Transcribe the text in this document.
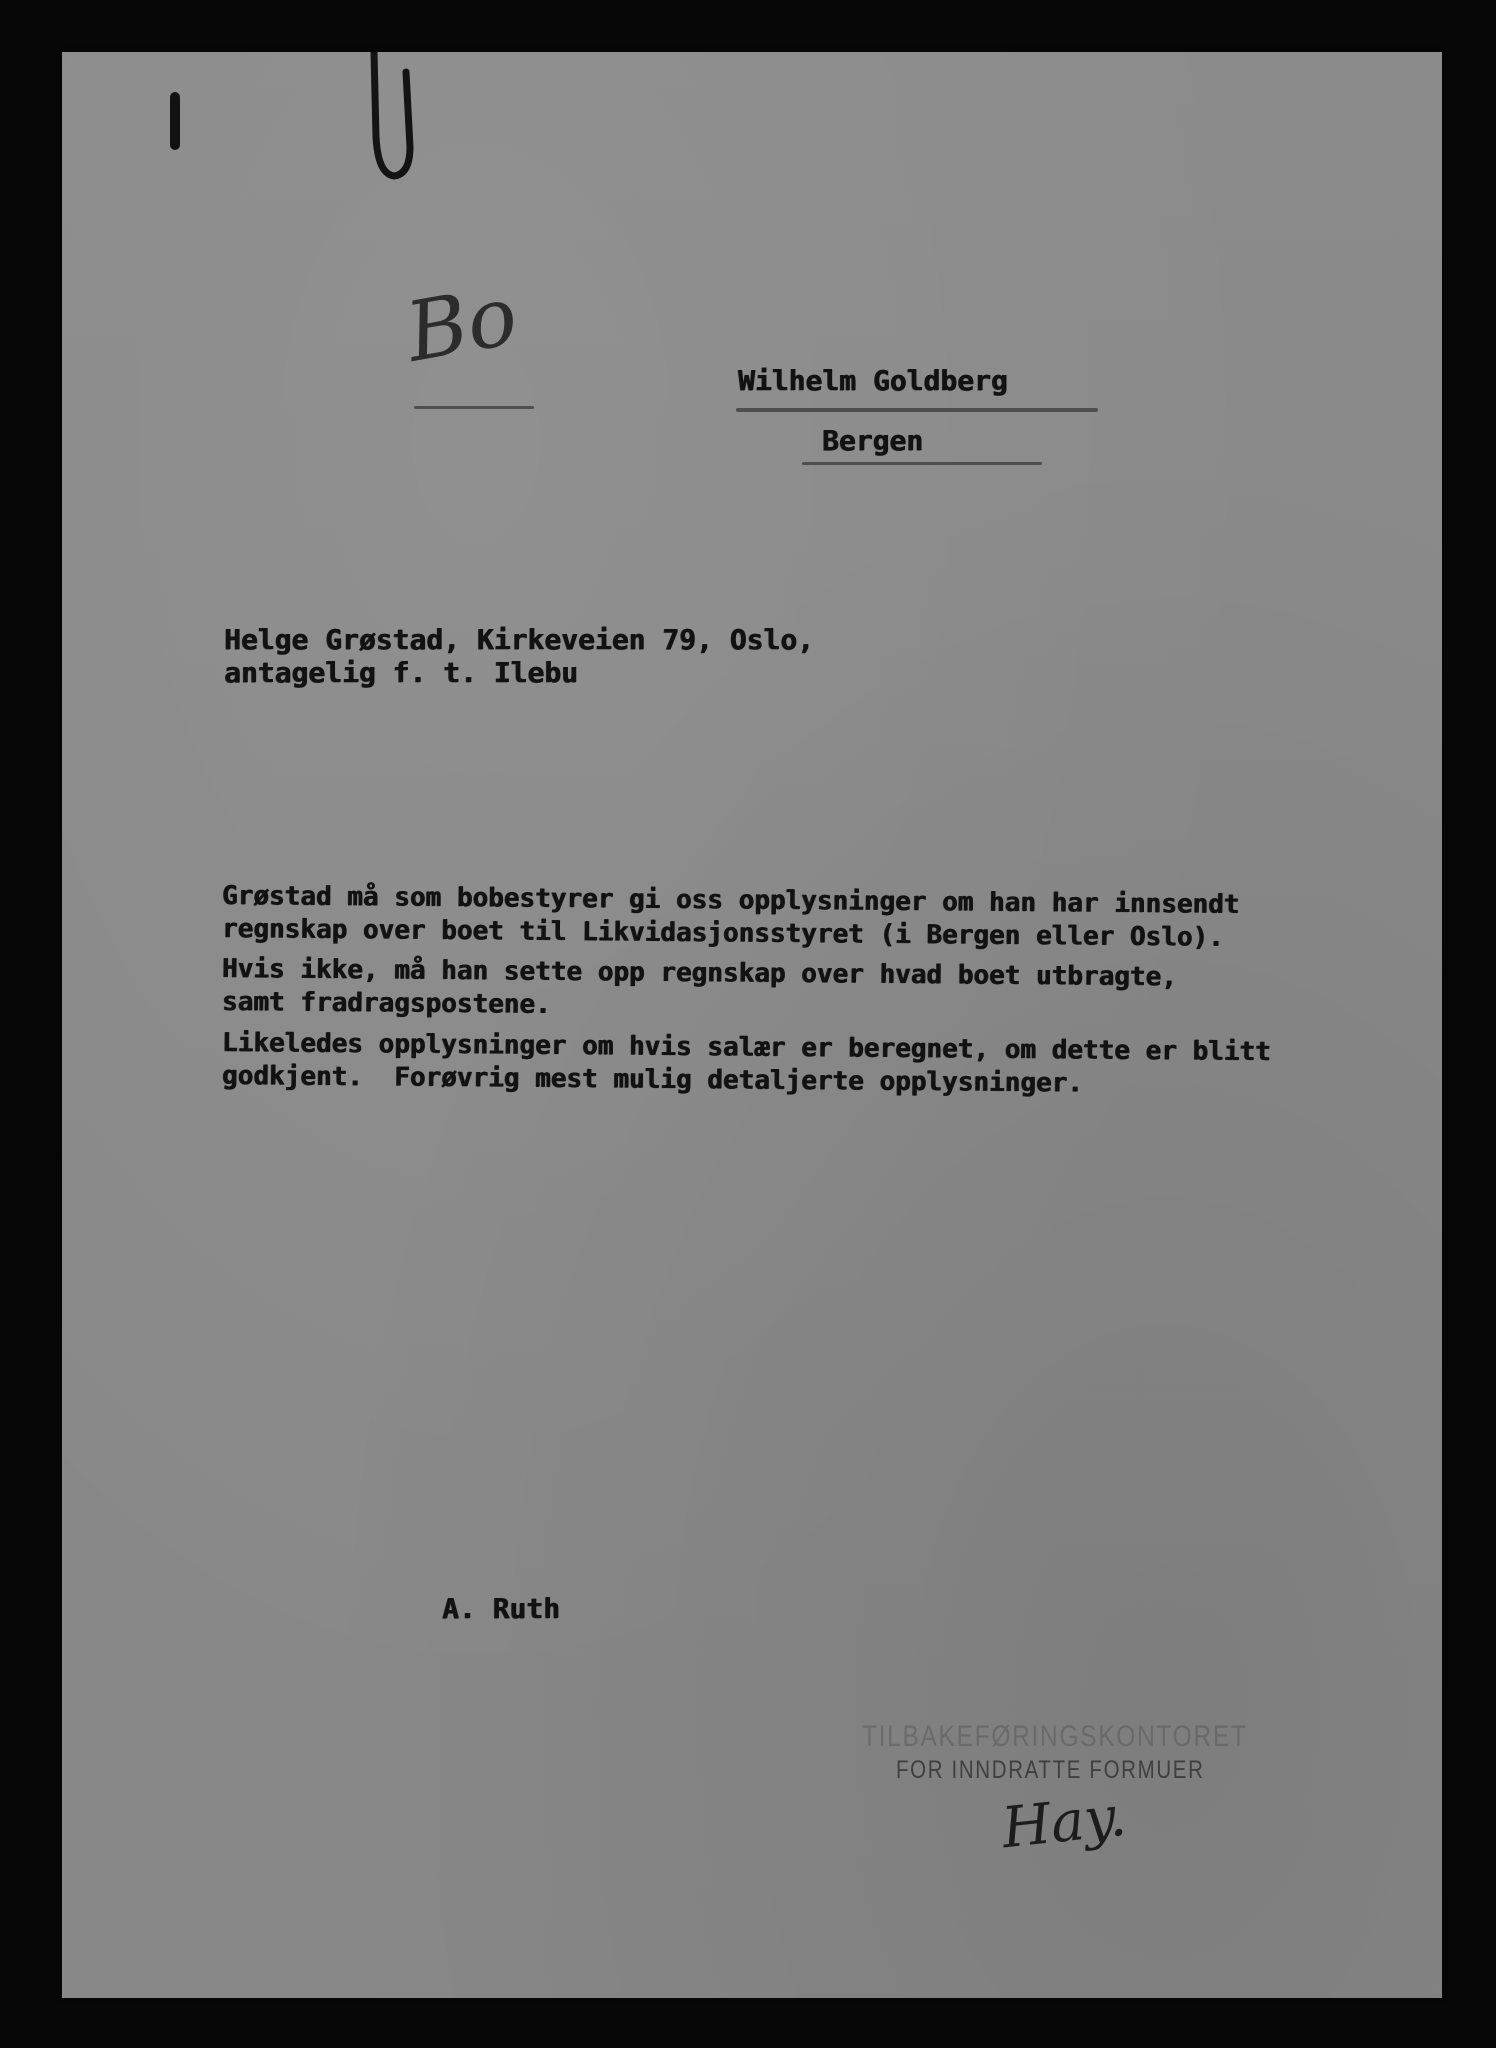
Bo	Wilhelm Goldberg
Bergen
Helge Grøstad, Kirkeveien 79, Oslo,
antagelig f. t. Ilebu
Grøstad må som bobestyrer gi oss opplysninger om han har innsendt
regnskap over boet til Likvidasjonsstyret (i Bergen eller Oslo).
Hvis ikke, må han sette opp regnskap over hvad boet utbragte,
samt fradragspostene.
Likeledes opplysninger om hvis salær er beregnet, om dette er blitt
godkjent.  Forøvrig mest mulig detaljerte opplysninger.
A. Ruth
TILBAKEFØRINGSKONTORET
FOR INNDRATTE FORMUER
Hay.
